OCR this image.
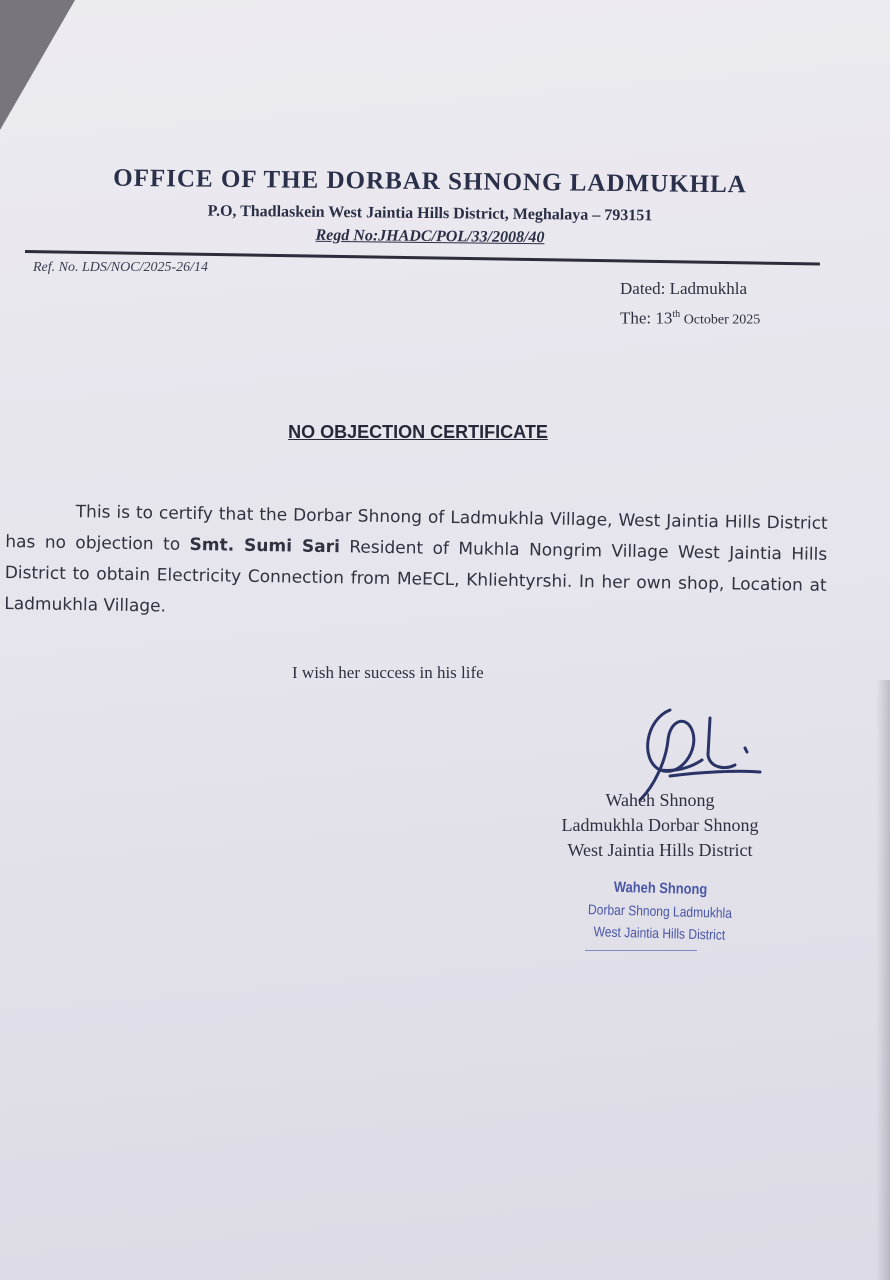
OFFICE OF THE DORBAR SHNONG LADMUKHLA
P.O, Thadlaskein West Jaintia Hills District, Meghalaya – 793151
Regd No:JHADC/POL/33/2008/40
Ref. No. LDS/NOC/2025-26/14
Dated: Ladmukhla
The: 13th October 2025
NO OBJECTION CERTIFICATE
This is to certify that the Dorbar Shnong of Ladmukhla Village, West Jaintia Hills District has no objection to Smt. Sumi Sari Resident of Mukhla Nongrim Village West Jaintia Hills District to obtain Electricity Connection from MeECL, Khliehtyrshi. In her own shop, Location at Ladmukhla Village.
I wish her success in his life
Waheh Shnong
Ladmukhla Dorbar Shnong
West Jaintia Hills District
Waheh Shnong
Dorbar Shnong Ladmukhla
West Jaintia Hills District
